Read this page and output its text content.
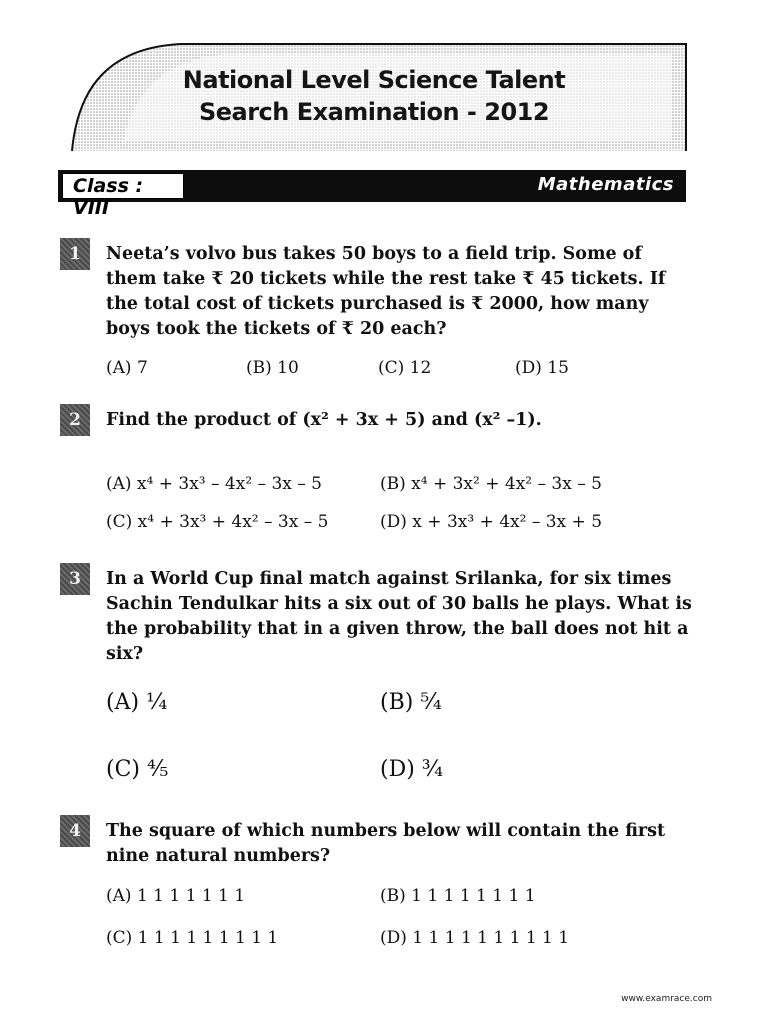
National Level Science Talent
Search Examination - 2012
Class : VIII
Mathematics
1	Neeta’s volvo bus takes 50 boys to a field trip. Some of them take ₹ 20 tickets while the rest take ₹ 45 tickets. If the total cost of tickets purchased is ₹ 2000, how many boys took the tickets of ₹ 20 each?
(A) 7	(B) 10	(C) 12	(D) 15
2	Find the product of (x² + 3x + 5) and (x² –1).
(A) x⁴ + 3x³ – 4x² – 3x – 5	(B) x⁴ + 3x² + 4x² – 3x – 5
(C) x⁴ + 3x³ + 4x² – 3x – 5	(D) x + 3x³ + 4x² – 3x + 5
3	In a World Cup final match against Srilanka, for six times Sachin Tendulkar hits a six out of 30 balls he plays. What is the probability that in a given throw, the ball does not hit a six?
(A) ¼	(B) ⁵⁄₄
(C) ⁴⁄₅	(D) ¾
4	The square of which numbers below will contain the first nine natural numbers?
(A) 1 1 1 1 1 1 1	(B) 1 1 1 1 1 1 1 1
(C) 1 1 1 1 1 1 1 1 1	(D) 1 1 1 1 1 1 1 1 1 1
www.examrace.com
